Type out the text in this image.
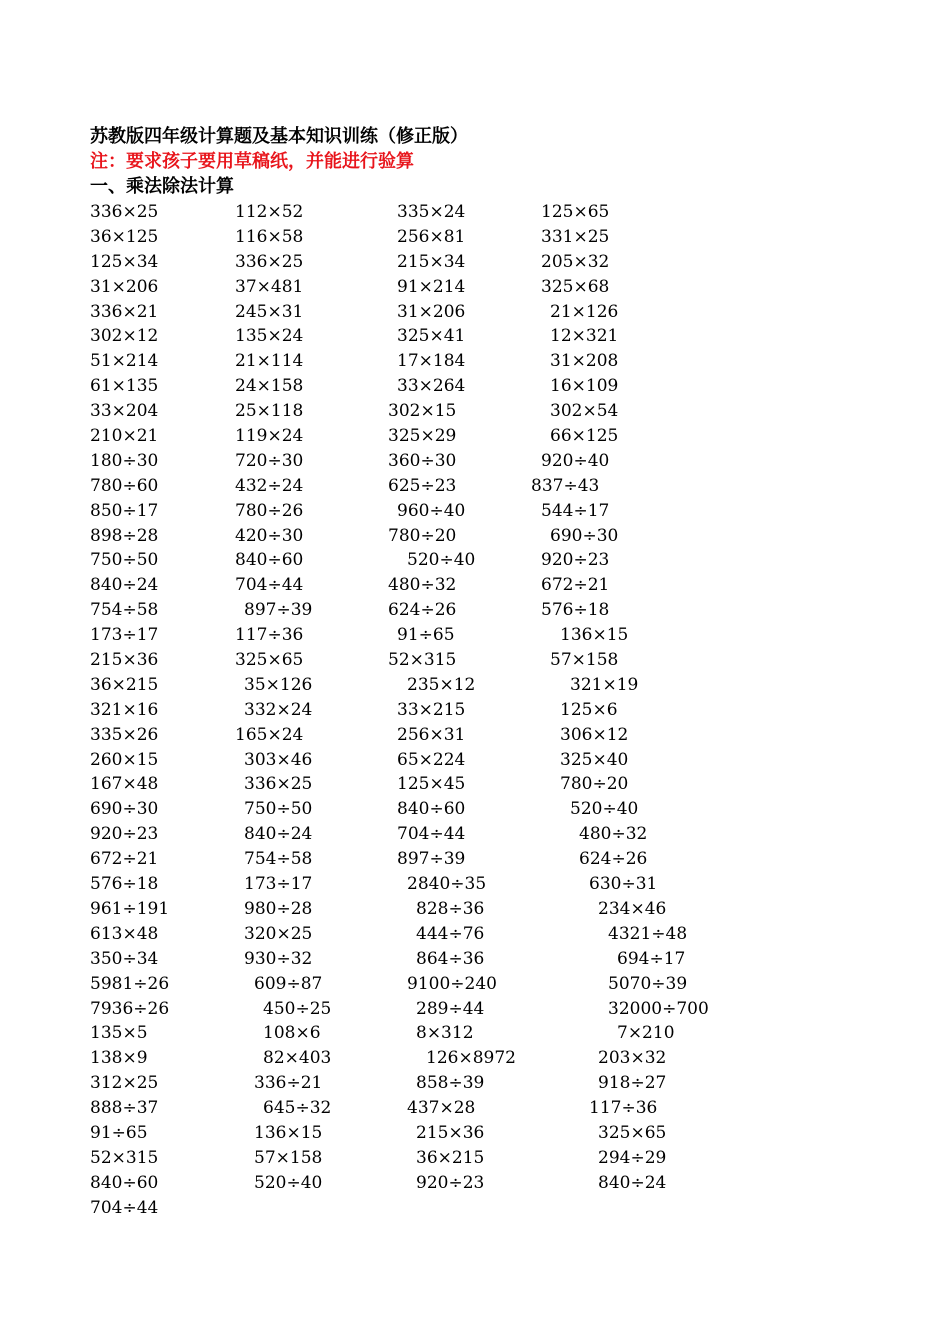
苏教版四年级计算题及基本知识训练（修正版）
注：要求孩子要用草稿纸，并能进行验算
一、乘法除法计算
336×25	112×52	335×24	125×65
36×125	116×58	256×81	331×25
125×34	336×25	215×34	205×32
31×206	37×481	91×214	325×68
336×21	245×31	31×206	21×126
302×12	135×24	325×41	12×321
51×214	21×114	17×184	31×208
61×135	24×158	33×264	16×109
33×204	25×118	302×15	302×54
210×21	119×24	325×29	66×125
180÷30	720÷30	360÷30	920÷40
780÷60	432÷24	625÷23	837÷43
850÷17	780÷26	960÷40	544÷17
898÷28	420÷30	780÷20	690÷30
750÷50	840÷60	520÷40	920÷23
840÷24	704÷44	480÷32	672÷21
754÷58	897÷39	624÷26	576÷18
173÷17	117÷36	91÷65	136×15
215×36	325×65	52×315	57×158
36×215	35×126	235×12	321×19
321×16	332×24	33×215	125×6
335×26	165×24	256×31	306×12
260×15	303×46	65×224	325×40
167×48	336×25	125×45	780÷20
690÷30	750÷50	840÷60	520÷40
920÷23	840÷24	704÷44	480÷32
672÷21	754÷58	897÷39	624÷26
576÷18	173÷17	2840÷35	630÷31
961÷191	980÷28	828÷36	234×46
613×48	320×25	444÷76	4321÷48
350÷34	930÷32	864÷36	694÷17
5981÷26	609÷87	9100÷240	5070÷39
7936÷26	450÷25	289÷44	32000÷700
135×5	108×6	8×312	7×210
138×9	82×403	126×8972	203×32
312×25	336÷21	858÷39	918÷27
888÷37	645÷32	437×28	117÷36
91÷65	136×15	215×36	325×65
52×315	57×158	36×215	294÷29
840÷60	520÷40	920÷23	840÷24
704÷44
